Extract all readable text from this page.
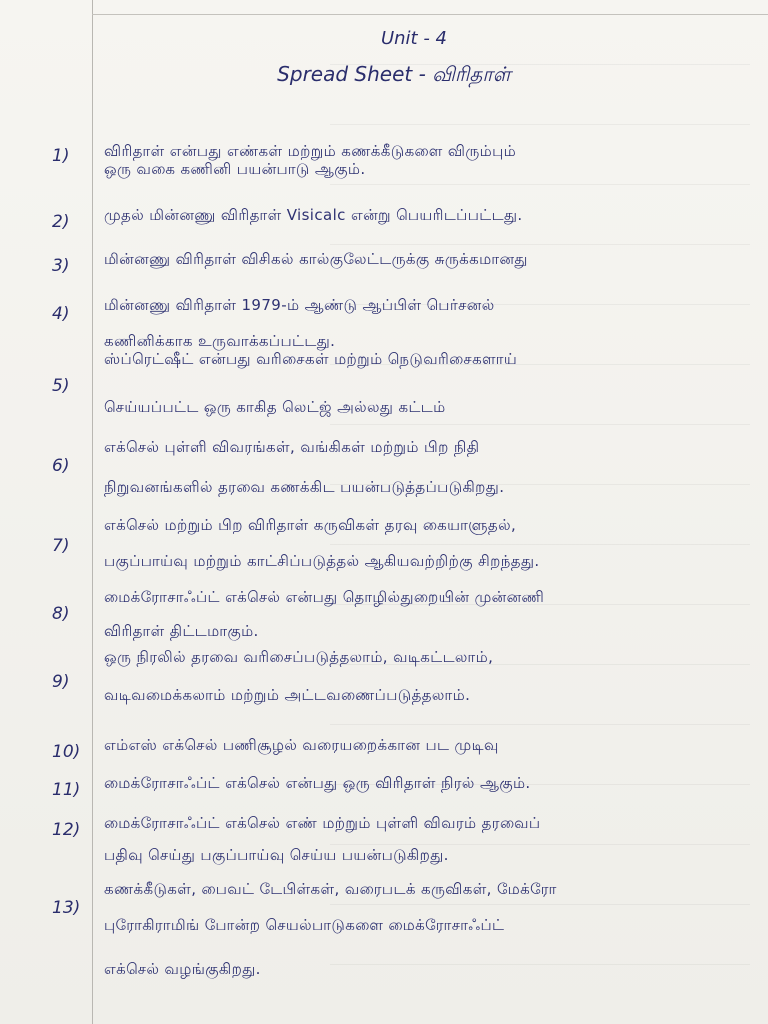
Unit - 4
Spread Sheet - விரிதாள்
1) விரிதாள் என்பது எண்கள் மற்றும் கணக்கீடுகளை விரும்பும்
ஒரு வகை கணினி பயன்பாடு ஆகும்.
2) முதல் மின்னணு விரிதாள் Visicalc என்று பெயரிடப்பட்டது.
3) மின்னணு விரிதாள் விசிகல் கால்குலேட்டருக்கு சுருக்கமானது
4) மின்னணு விரிதாள் 1979-ம் ஆண்டு ஆப்பிள் பெர்சனல்
கணினிக்காக உருவாக்கப்பட்டது.
5)
ஸ்ப்ரெட்ஷீட் என்பது வரிசைகள் மற்றும் நெடுவரிசைகளாய்
செய்யப்பட்ட ஒரு காகித லெட்ஜ் அல்லது கட்டம்
6)
எக்செல் புள்ளி விவரங்கள், வங்கிகள் மற்றும் பிற நிதி
நிறுவனங்களில் தரவை கணக்கிட பயன்படுத்தப்படுகிறது.
7)
எக்செல் மற்றும் பிற விரிதாள் கருவிகள் தரவு கையாளுதல்,
பகுப்பாய்வு மற்றும் காட்சிப்படுத்தல் ஆகியவற்றிற்கு சிறந்தது.
8)
மைக்ரோசாஃப்ட் எக்செல் என்பது தொழில்துறையின் முன்னணி
விரிதாள் திட்டமாகும்.
9)
ஒரு நிரலில் தரவை வரிசைப்படுத்தலாம், வடிகட்டலாம்,
வடிவமைக்கலாம் மற்றும் அட்டவணைப்படுத்தலாம்.
10) எம்எஸ் எக்செல் பணிசூழல் வரையறைக்கான பட முடிவு
11) மைக்ரோசாஃப்ட் எக்செல் என்பது ஒரு விரிதாள் நிரல் ஆகும்.
12) மைக்ரோசாஃப்ட் எக்செல் எண் மற்றும் புள்ளி விவரம் தரவைப்
பதிவு செய்து பகுப்பாய்வு செய்ய பயன்படுகிறது.
13)
கணக்கீடுகள், பைவட் டேபிள்கள், வரைபடக் கருவிகள், மேக்ரோ
புரோகிராமிங் போன்ற செயல்பாடுகளை மைக்ரோசாஃப்ட்
எக்செல் வழங்குகிறது.
